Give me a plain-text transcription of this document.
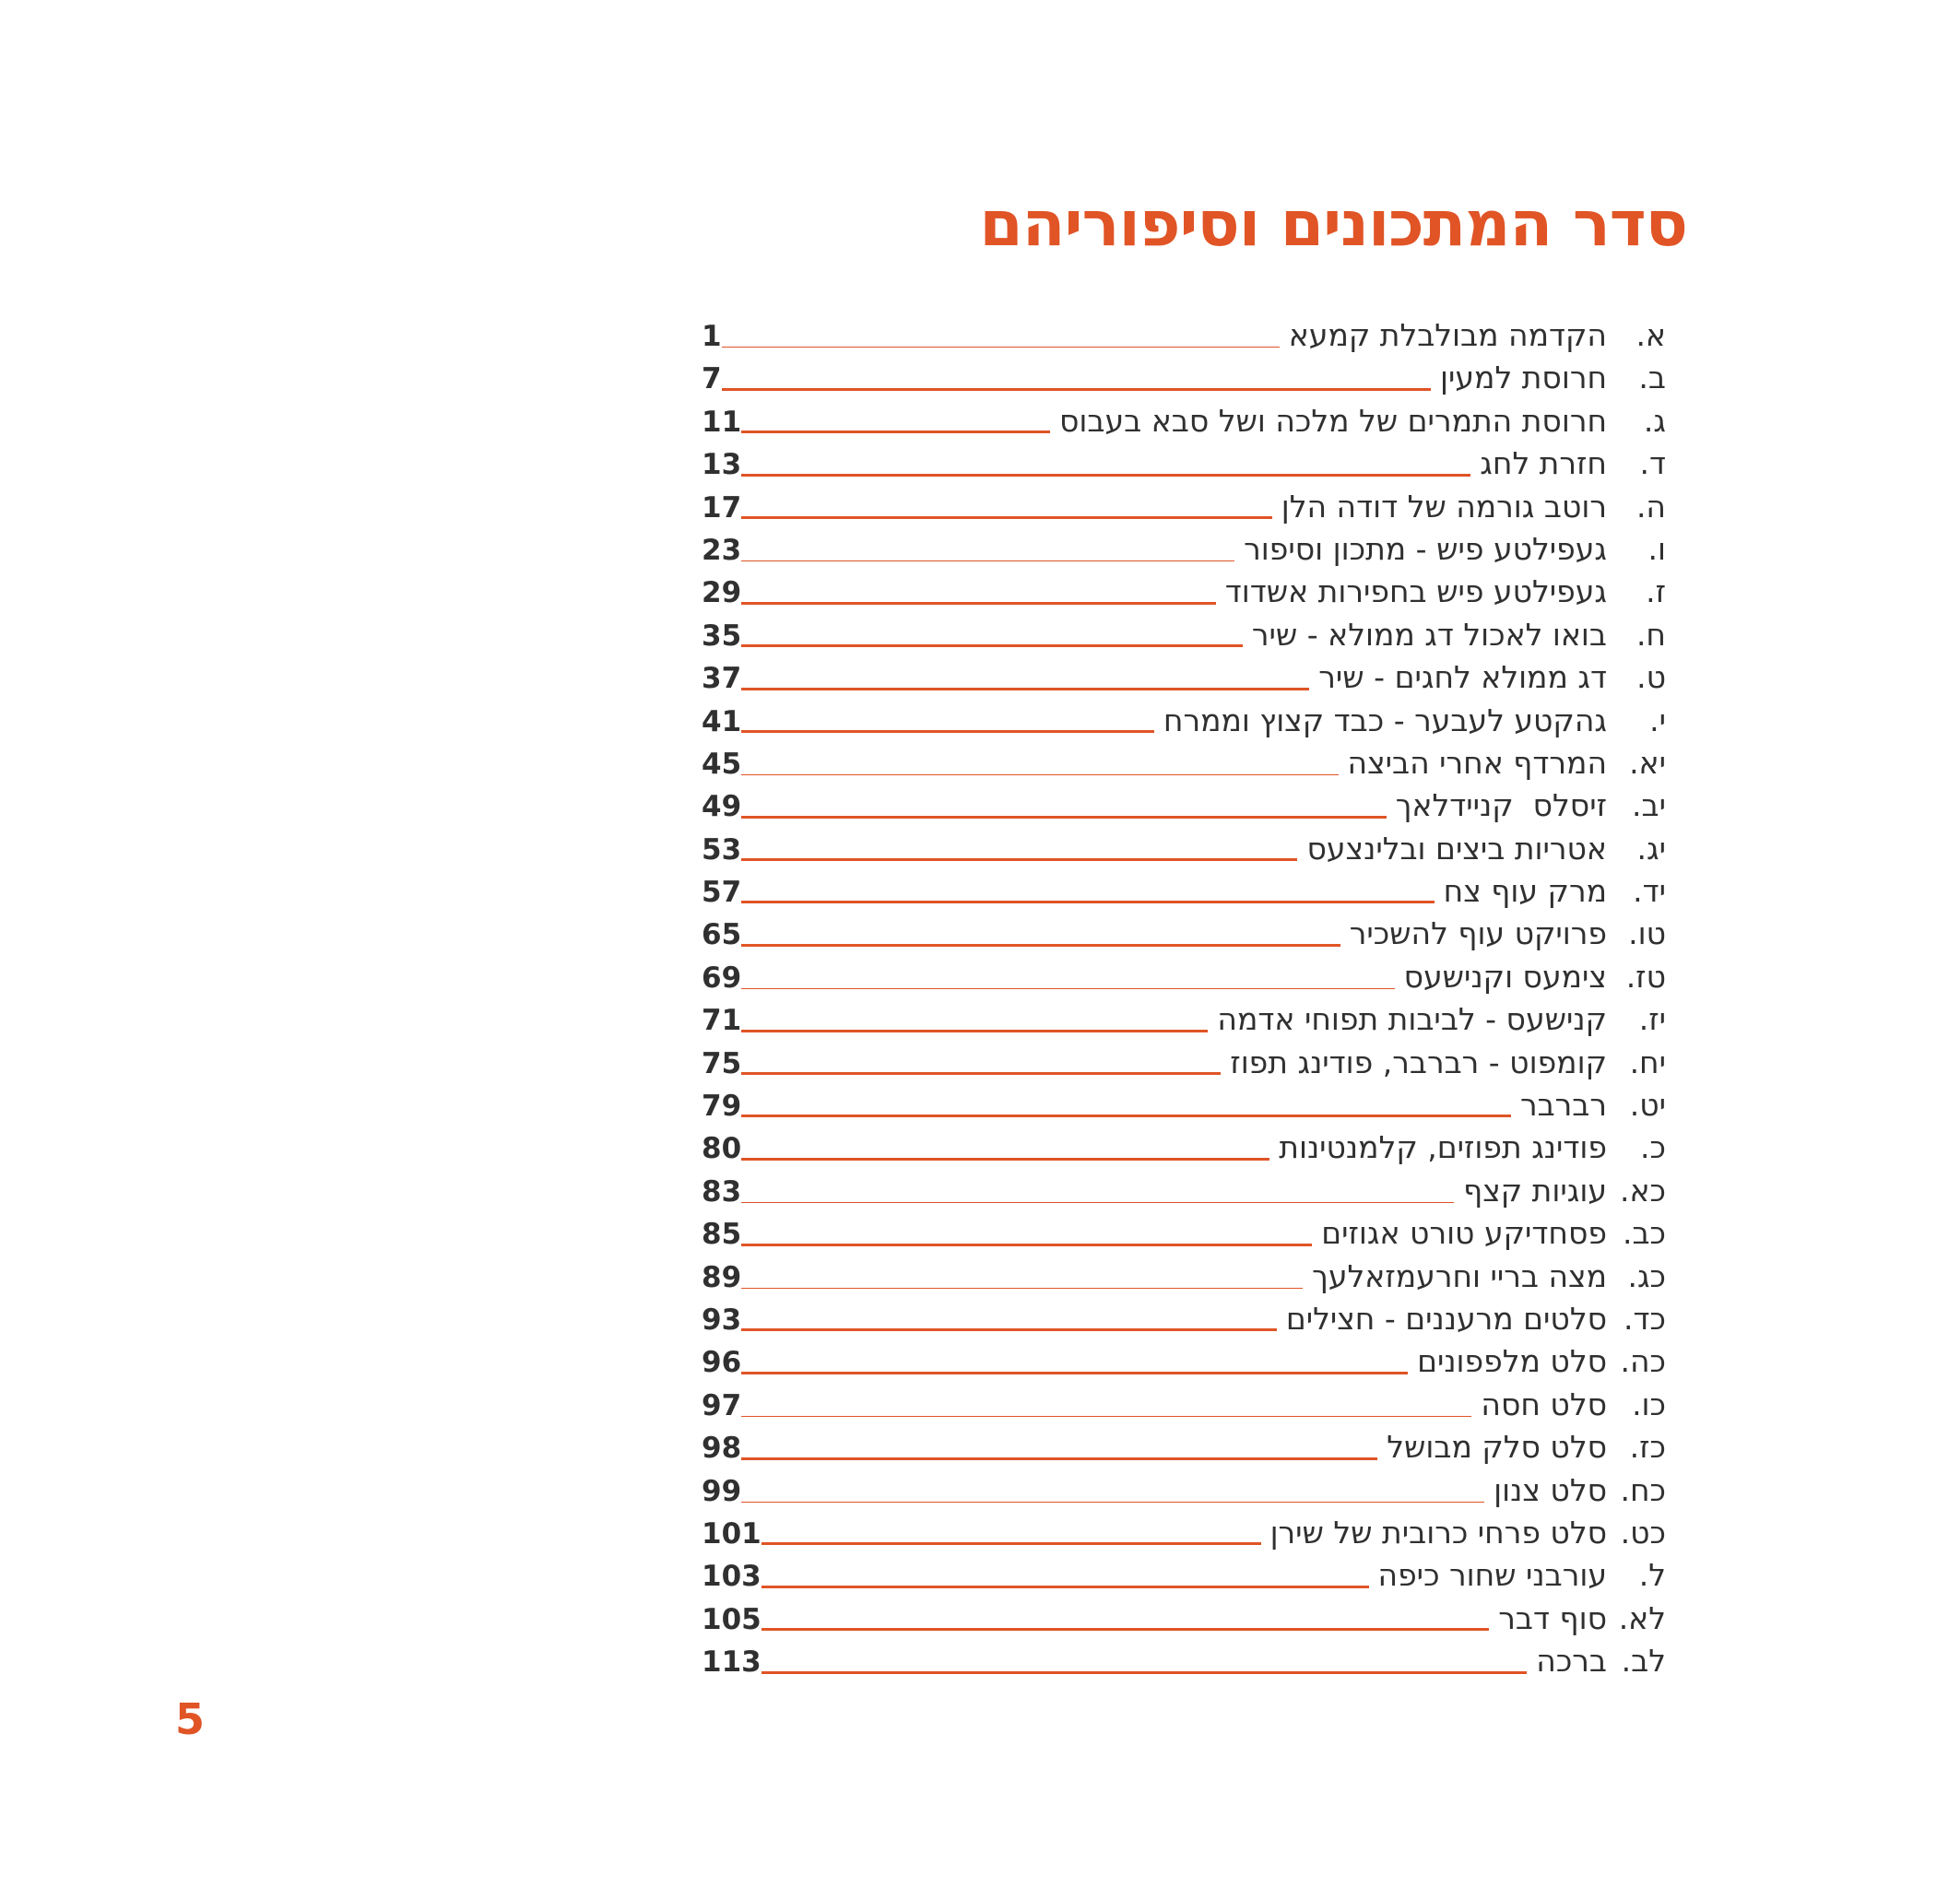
סדר המתכונים וסיפוריהם
א.
הקדמה מבולבלת קמעא
1
ב.
חרוסת למעין
7
ג.
חרוסת התמרים של מלכה ושל סבא בעבוס
11
ד.
חזרת לחג
13
ה.
רוטב גורמה של דודה הלן
17
ו.
געפילטע פיש - מתכון וסיפור
23
ז.
געפילטע פיש בחפירות אשדוד
29
ח.
בואו לאכול דג ממולא - שיר
35
ט.
דג ממולא לחגים - שיר
37
י.
גהקטע לעבער - כבד קצוץ וממרח
41
יא.
המרדף אחרי הביצה
45
יב.
זיסלס  קניידלאך
49
יג.
אטריות ביצים ובלינצעס
53
יד.
מרק עוף צח
57
טו.
פרויקט עוף להשכיר
65
טז.
צימעס וקנישעס
69
יז.
קנישעס - לביבות תפוחי אדמה
71
יח.
קומפוט - רברבר, פודינג תפוז
75
יט.
רברבר
79
כ.
פודינג תפוזים, קלמנטינות
80
כא.
עוגיות קצף
83
כב.
פסחדיקע טורט אגוזים
85
כג.
מצה בריי וחרעמזאלעך
89
כד.
סלטים מרעננים - חצילים
93
כה.
סלט מלפפונים
96
כו.
סלט חסה
97
כז.
סלט סלק מבושל
98
כח.
סלט צנון
99
כט.
סלט פרחי כרובית של שירן
101
ל.
עורבני שחור כיפה
103
לא.
סוף דבר
105
לב.
ברכה
113
5
